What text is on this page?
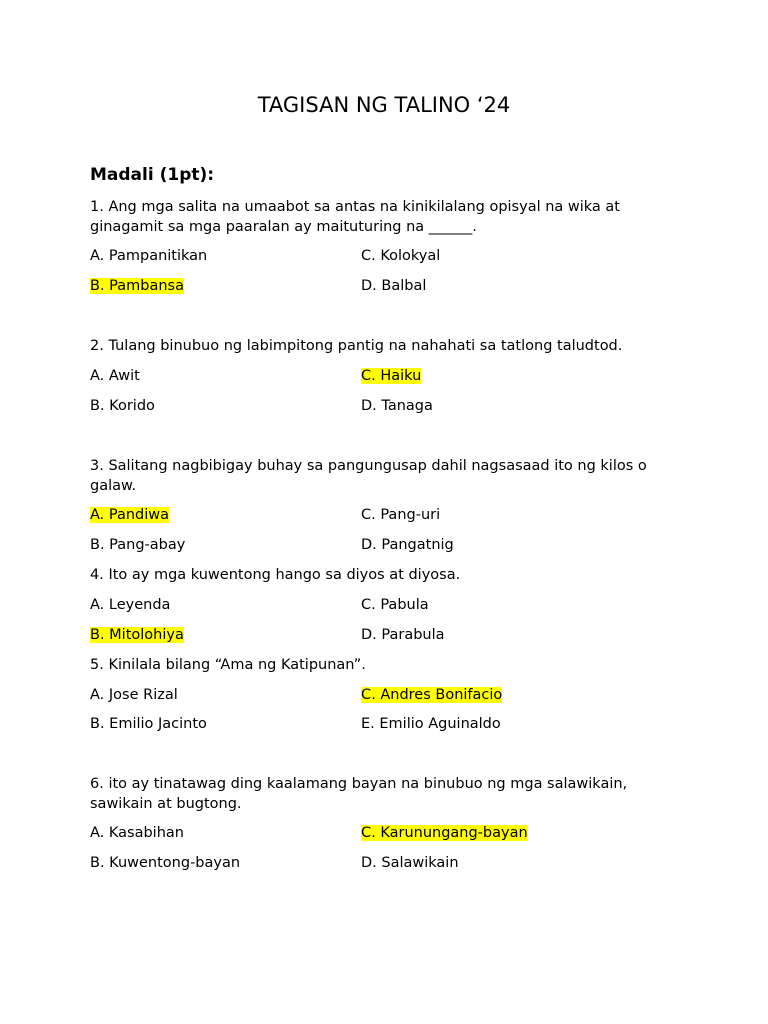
TAGISAN NG TALINO ‘24
Madali (1pt):

1. Ang mga salita na umaabot sa antas na kinikilalang opisyal na wika at ginagamit sa mga paaralan ay maituturing na ______.

A. Pampanitikan	C. Kolokyal
B. Pambansa	D. Balbal

2. Tulang binubuo ng labimpitong pantig na nahahati sa tatlong taludtod.

A. Awit	C. Haiku
B. Korido	D. Tanaga

3. Salitang nagbibigay buhay sa pangungusap dahil nagsasaad ito ng kilos o galaw.

A. Pandiwa	C. Pang-uri
B. Pang-abay	D. Pangatnig

4. Ito ay mga kuwentong hango sa diyos at diyosa.

A. Leyenda	C. Pabula
B. Mitolohiya	D. Parabula

5. Kinilala bilang “Ama ng Katipunan”.

A. Jose Rizal	C. Andres Bonifacio
B. Emilio Jacinto	E. Emilio Aguinaldo

6. ito ay tinatawag ding kaalamang bayan na binubuo ng mga salawikain, sawikain at bugtong.

A. Kasabihan	C. Karunungang-bayan
B. Kuwentong-bayan	D. Salawikain
